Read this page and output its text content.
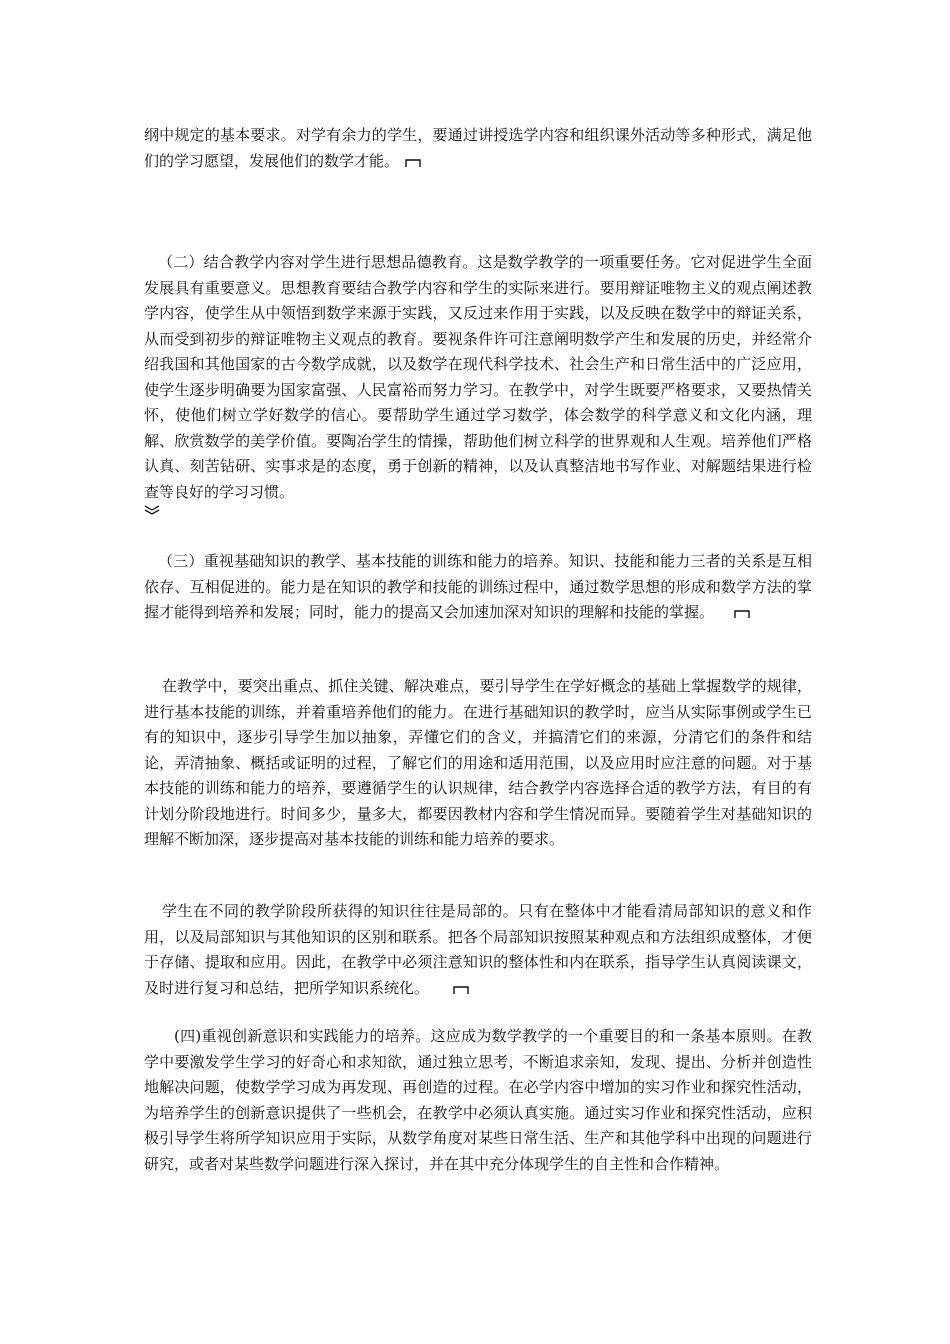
纲中规定的基本要求。对学有余力的学生，要通过讲授选学内容和组织课外活动等多种形式，满足他们的学习愿望，发展他们的数学才能。

（二）结合教学内容对学生进行思想品德教育。这是数学教学的一项重要任务。它对促进学生全面发展具有重要意义。思想教育要结合教学内容和学生的实际来进行。要用辩证唯物主义的观点阐述教学内容，使学生从中领悟到数学来源于实践，又反过来作用于实践，以及反映在数学中的辩证关系，从而受到初步的辩证唯物主义观点的教育。要视条件许可注意阐明数学产生和发展的历史，并经常介绍我国和其他国家的古今数学成就，以及数学在现代科学技术、社会生产和日常生活中的广泛应用，使学生逐步明确要为国家富强、人民富裕而努力学习。在教学中，对学生既要严格要求，又要热情关怀，使他们树立学好数学的信心。要帮助学生通过学习数学，体会数学的科学意义和文化内涵，理解、欣赏数学的美学价值。要陶冶学生的情操，帮助他们树立科学的世界观和人生观。培养他们严格认真、刻苦钻研、实事求是的态度，勇于创新的精神，以及认真整洁地书写作业、对解题结果进行检查等良好的学习习惯。

（三）重视基础知识的教学、基本技能的训练和能力的培养。知识、技能和能力三者的关系是互相依存、互相促进的。能力是在知识的教学和技能的训练过程中，通过数学思想的形成和数学方法的掌握才能得到培养和发展；同时，能力的提高又会加速加深对知识的理解和技能的掌握。

在教学中，要突出重点、抓住关键、解决难点，要引导学生在学好概念的基础上掌握数学的规律，进行基本技能的训练，并着重培养他们的能力。在进行基础知识的教学时，应当从实际事例或学生已有的知识中，逐步引导学生加以抽象，弄懂它们的含义，并搞清它们的来源，分清它们的条件和结论，弄清抽象、概括或证明的过程，了解它们的用途和适用范围，以及应用时应注意的问题。对于基本技能的训练和能力的培养，要遵循学生的认识规律，结合教学内容选择合适的教学方法，有目的有计划分阶段地进行。时间多少，量多大，都要因教材内容和学生情况而异。要随着学生对基础知识的理解不断加深，逐步提高对基本技能的训练和能力培养的要求。

学生在不同的教学阶段所获得的知识往往是局部的。只有在整体中才能看清局部知识的意义和作用，以及局部知识与其他知识的区别和联系。把各个局部知识按照某种观点和方法组织成整体，才便于存储、提取和应用。因此，在教学中必须注意知识的整体性和内在联系，指导学生认真阅读课文，及时进行复习和总结，把所学知识系统化。

(四)重视创新意识和实践能力的培养。这应成为数学教学的一个重要目的和一条基本原则。在教学中要激发学生学习的好奇心和求知欲，通过独立思考，不断追求亲知，发现、提出、分析并创造性地解决问题，使数学学习成为再发现、再创造的过程。在必学内容中增加的实习作业和探究性活动，为培养学生的创新意识提供了一些机会，在教学中必须认真实施。通过实习作业和探究性活动，应积极引导学生将所学知识应用于实际，从数学角度对某些日常生活、生产和其他学科中出现的问题进行研究，或者对某些数学问题进行深入探讨，并在其中充分体现学生的自主性和合作精神。
